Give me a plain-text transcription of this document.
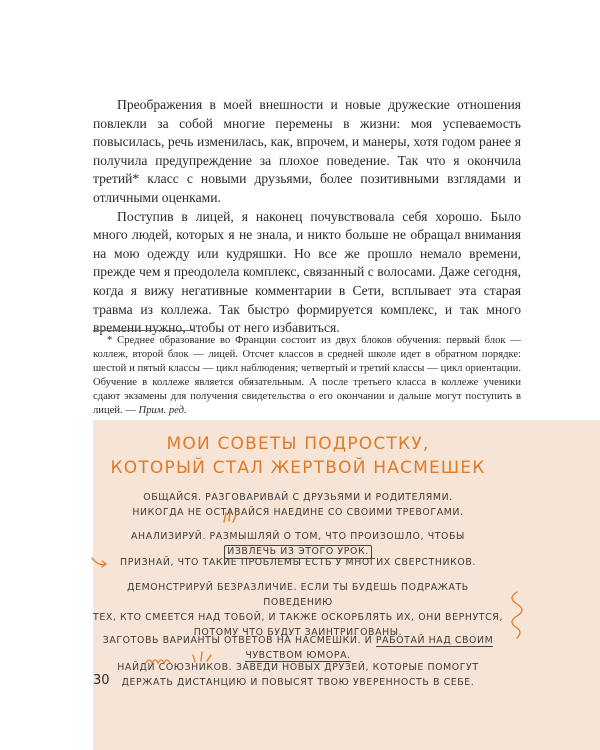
Преображения в моей внешности и новые дружеские отношения повлекли за собой многие перемены в жизни: моя успеваемость повысилась, речь изменилась, как, впрочем, и манеры, хотя годом ранее я получила предупреждение за плохое поведение. Так что я окончила третий* класс с новыми друзьями, более позитивными взглядами и отличными оценками.

Поступив в лицей, я наконец почувствовала себя хорошо. Было много людей, которых я не знала, и никто больше не обращал внимания на мою одежду или кудряшки. Но все же прошло немало времени, прежде чем я преодолела комплекс, связанный с волосами. Даже сегодня, когда я вижу негативные комментарии в Сети, всплывает эта старая травма из коллежа. Так быстро формируется комплекс, и так много времени нужно, чтобы от него избавиться.

* Среднее образование во Франции состоит из двух блоков обучения: первый блок — коллеж, второй блок — лицей. Отсчет классов в средней школе идет в обратном порядке: шестой и пятый классы — цикл наблюдения; четвертый и третий классы — цикл ориентации. Обучение в коллеже является обязательным. А после третьего класса в коллеже ученики сдают экзамены для получения свидетельства о его окончании и дальше могут поступить в лицей. — Прим. ред.

МОИ СОВЕТЫ ПОДРОСТКУ,
КОТОРЫЙ СТАЛ ЖЕРТВОЙ НАСМЕШЕК
ОБЩАЙСЯ. РАЗГОВАРИВАЙ С ДРУЗЬЯМИ И РОДИТЕЛЯМИ.
НИКОГДА НЕ ОСТАВАЙСЯ НАЕДИНЕ СО СВОИМИ ТРЕВОГАМИ.
АНАЛИЗИРУЙ. РАЗМЫШЛЯЙ О ТОМ, ЧТО ПРОИЗОШЛО, ЧТОБЫ ИЗВЛЕЧЬ ИЗ ЭТОГО УРОК.
ПРИЗНАЙ, ЧТО ТАКИЕ ПРОБЛЕМЫ ЕСТЬ У МНОГИХ СВЕРСТНИКОВ.
ДЕМОНСТРИРУЙ БЕЗРАЗЛИЧИЕ. ЕСЛИ ТЫ БУДЕШЬ ПОДРАЖАТЬ ПОВЕДЕНИЮ
ТЕХ, КТО СМЕЕТСЯ НАД ТОБОЙ, И ТАКЖЕ ОСКОРБЛЯТЬ ИХ, ОНИ ВЕРНУТСЯ,
ПОТОМУ ЧТО БУДУТ ЗАИНТРИГОВАНЫ.
ЗАГОТОВЬ ВАРИАНТЫ ОТВЕТОВ НА НАСМЕШКИ. И РАБОТАЙ НАД СВОИМ ЧУВСТВОМ ЮМОРА.
НАЙДИ СОЮЗНИКОВ. ЗАВЕДИ НОВЫХ ДРУЗЕЙ, КОТОРЫЕ ПОМОГУТ
ДЕРЖАТЬ ДИСТАНЦИЮ И ПОВЫСЯТ ТВОЮ УВЕРЕННОСТЬ В СЕБЕ.
30
